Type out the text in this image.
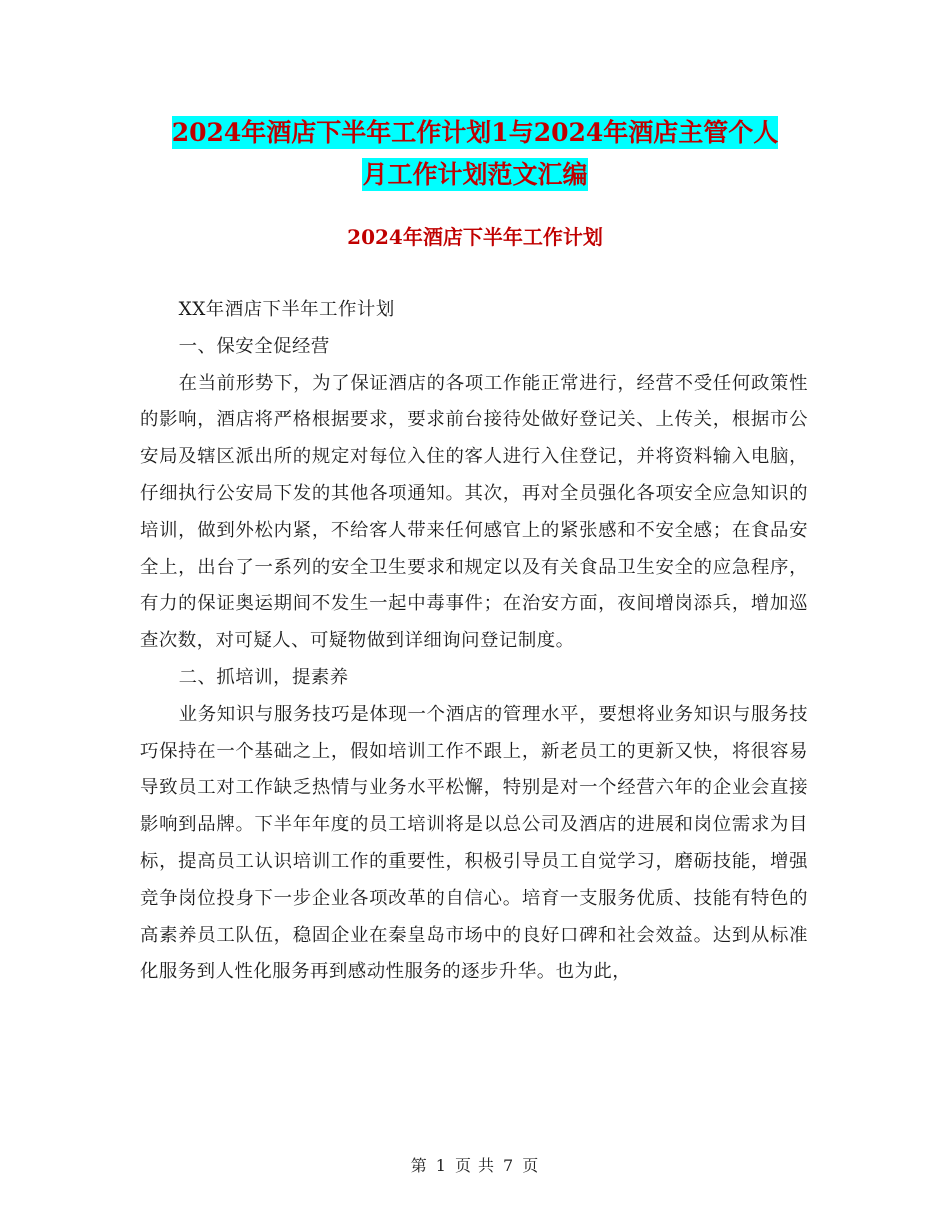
2024年酒店下半年工作计划1与2024年酒店主管个人
月工作计划范文汇编
2024年酒店下半年工作计划

XX年酒店下半年工作计划

一、保安全促经营

在当前形势下，为了保证酒店的各项工作能正常进行，经营不受任何政策性的影响，酒店将严格根据要求，要求前台接待处做好登记关、上传关，根据市公安局及辖区派出所的规定对每位入住的客人进行入住登记，并将资料输入电脑，仔细执行公安局下发的其他各项通知。其次，再对全员强化各项安全应急知识的培训，做到外松内紧，不给客人带来任何感官上的紧张感和不安全感；在食品安全上，出台了一系列的安全卫生要求和规定以及有关食品卫生安全的应急程序，有力的保证奥运期间不发生一起中毒事件；在治安方面，夜间增岗添兵，增加巡查次数，对可疑人、可疑物做到详细询问登记制度。

二、抓培训，提素养

业务知识与服务技巧是体现一个酒店的管理水平，要想将业务知识与服务技巧保持在一个基础之上，假如培训工作不跟上，新老员工的更新又快，将很容易导致员工对工作缺乏热情与业务水平松懈，特别是对一个经营六年的企业会直接影响到品牌。下半年年度的员工培训将是以总公司及酒店的进展和岗位需求为目标，提高员工认识培训工作的重要性，积极引导员工自觉学习，磨砺技能，增强竞争岗位投身下一步企业各项改革的自信心。培育一支服务优质、技能有特色的高素养员工队伍，稳固企业在秦皇岛市场中的良好口碑和社会效益。达到从标准化服务到人性化服务再到感动性服务的逐步升华。也为此，

第 1 页 共 7 页
